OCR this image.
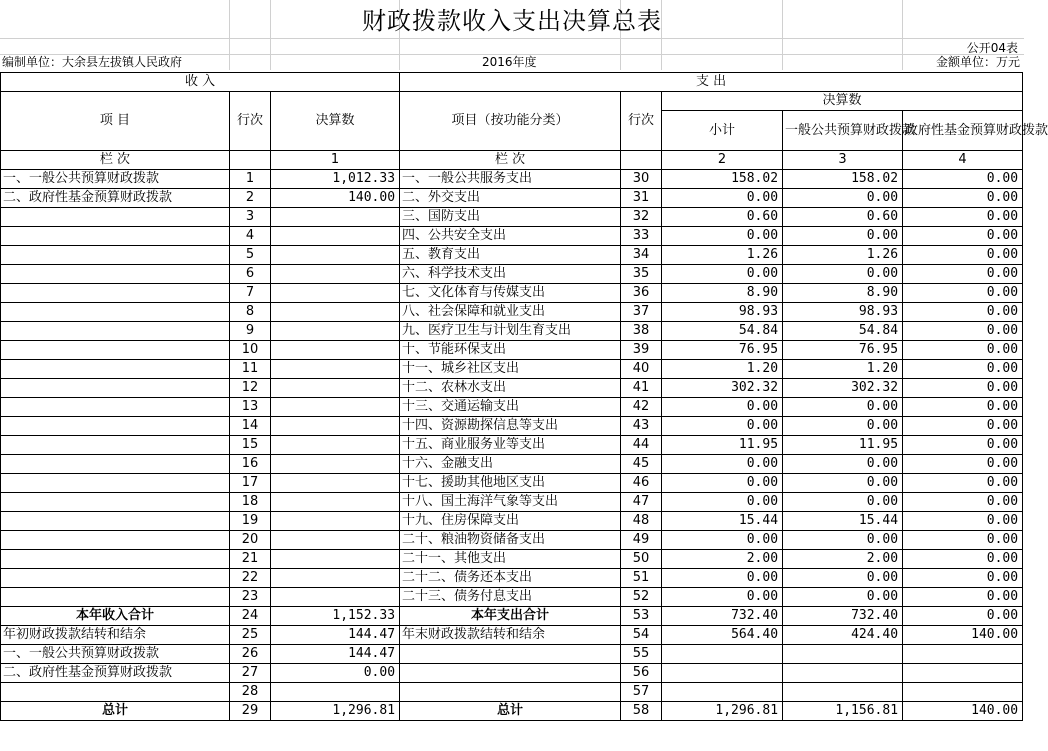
财政拨款收入支出决算总表
公开04表
编制单位：大余县左拔镇人民政府	2016年度	金额单位：万元
收 入			支 出				
项 目	行次	决算数	项目（按功能分类）	行次	决算数		
					小计	一般公共预算财政拨款	政府性基金预算财政拨款
栏 次		1	栏 次		2	3	4
一、一般公共预算财政拨款	1	1,012.33	一、一般公共服务支出	30	158.02	158.02	0.00
二、政府性基金预算财政拨款	2	140.00	二、外交支出	31	0.00	0.00	0.00
	3		三、国防支出	32	0.60	0.60	0.00
	4		四、公共安全支出	33	0.00	0.00	0.00
	5		五、教育支出	34	1.26	1.26	0.00
	6		六、科学技术支出	35	0.00	0.00	0.00
	7		七、文化体育与传媒支出	36	8.90	8.90	0.00
	8		八、社会保障和就业支出	37	98.93	98.93	0.00
	9		九、医疗卫生与计划生育支出	38	54.84	54.84	0.00
	10		十、节能环保支出	39	76.95	76.95	0.00
	11		十一、城乡社区支出	40	1.20	1.20	0.00
	12		十二、农林水支出	41	302.32	302.32	0.00
	13		十三、交通运输支出	42	0.00	0.00	0.00
	14		十四、资源勘探信息等支出	43	0.00	0.00	0.00
	15		十五、商业服务业等支出	44	11.95	11.95	0.00
	16		十六、金融支出	45	0.00	0.00	0.00
	17		十七、援助其他地区支出	46	0.00	0.00	0.00
	18		十八、国土海洋气象等支出	47	0.00	0.00	0.00
	19		十九、住房保障支出	48	15.44	15.44	0.00
	20		二十、粮油物资储备支出	49	0.00	0.00	0.00
	21		二十一、其他支出	50	2.00	2.00	0.00
	22		二十二、债务还本支出	51	0.00	0.00	0.00
	23		二十三、债务付息支出	52	0.00	0.00	0.00
本年收入合计	24	1,152.33	本年支出合计	53	732.40	732.40	0.00
年初财政拨款结转和结余	25	144.47	年末财政拨款结转和结余	54	564.40	424.40	140.00
一、一般公共预算财政拨款	26	144.47		55			
二、政府性基金预算财政拨款	27	0.00		56			
	28			57			
总计	29	1,296.81	总计	58	1,296.81	1,156.81	140.00
